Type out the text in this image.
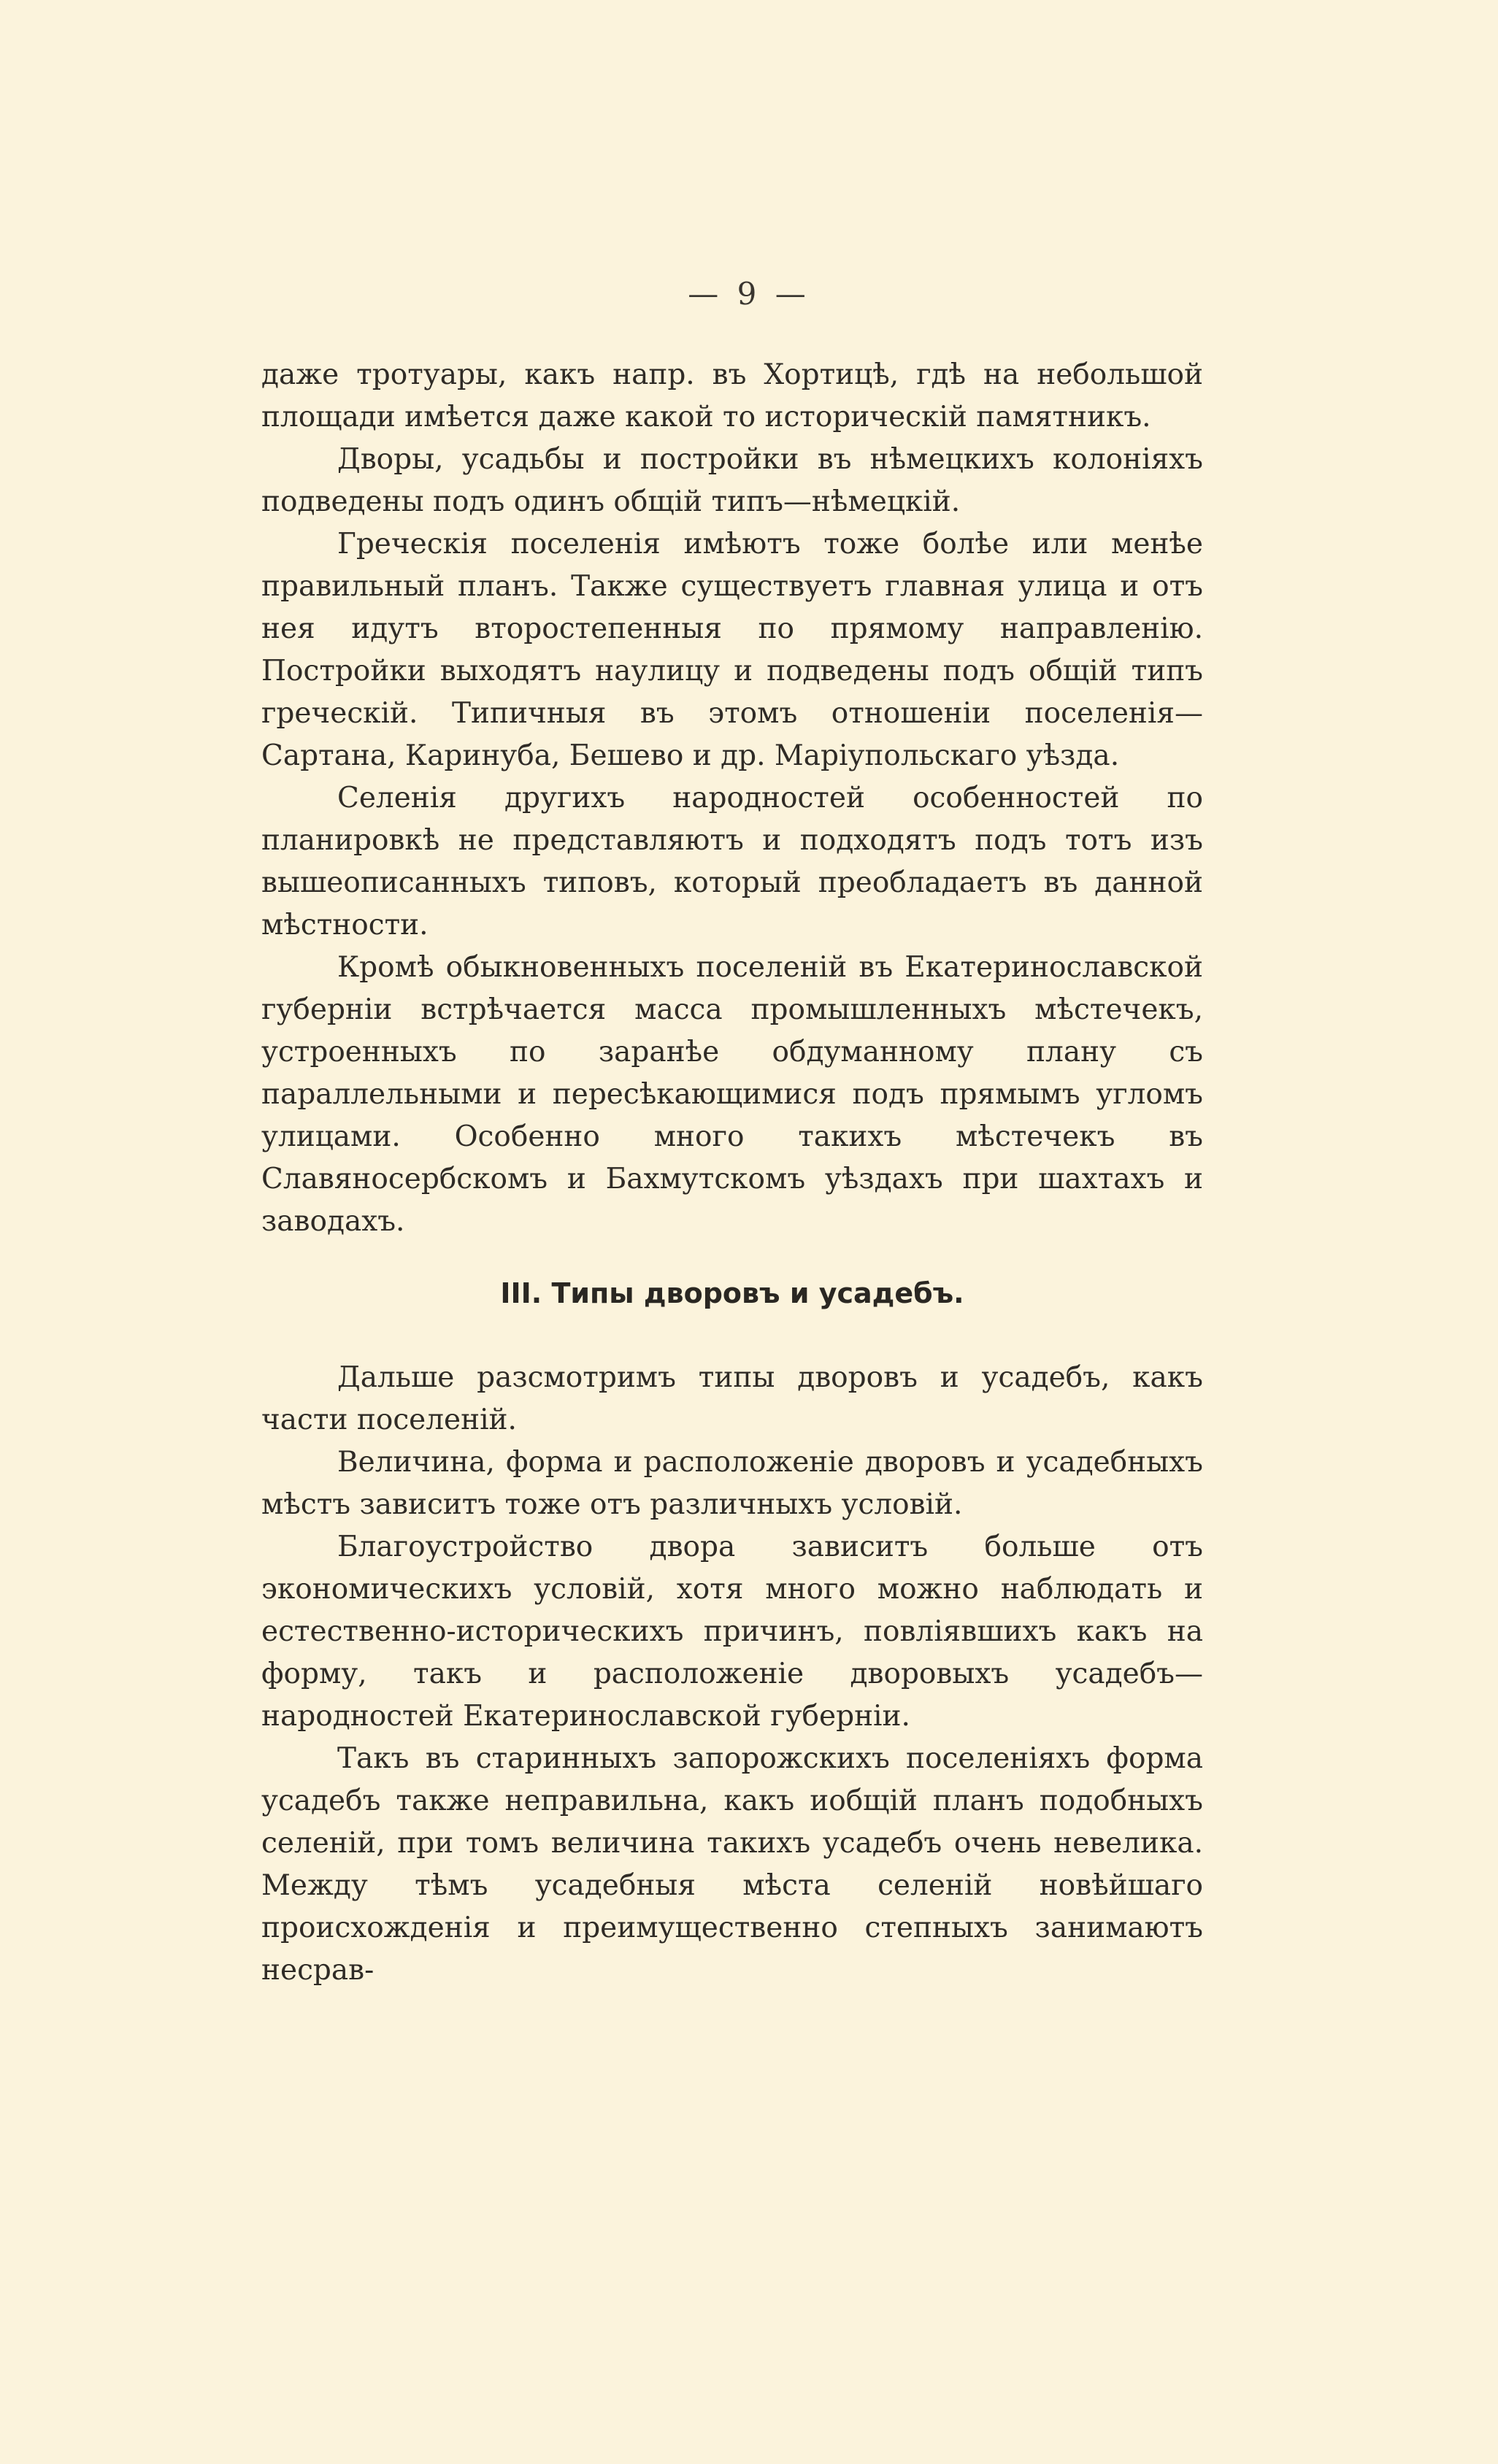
— 9 —

даже тротуары, какъ напр. въ Хортицѣ, гдѣ на небольшой площади имѣется даже какой то историческій памятникъ.

Дворы, усадьбы и постройки въ нѣмецкихъ колоніяхъ подведены подъ одинъ общій типъ—нѣмецкій.

Греческія поселенія имѣютъ тоже болѣе или менѣе правильный планъ. Также существуетъ главная улица и отъ нея идутъ второстепенныя по прямому направленію. Постройки выходятъ наулицу и подведены подъ общій типъ греческій. Типичныя въ этомъ отношеніи поселенія—Сартана, Каринуба, Бешево и др. Маріупольскаго уѣзда.

Селенія другихъ народностей особенностей по планировкѣ не представляютъ и подходятъ подъ тотъ изъ вышеописанныхъ типовъ, который преобладаетъ въ данной мѣстности.

Кромѣ обыкновенныхъ поселеній въ Екатеринославской губерніи встрѣчается масса промышленныхъ мѣстечекъ, устроенныхъ по заранѣе обдуманному плану съ параллельными и пересѣкающимися подъ прямымъ угломъ улицами. Особенно много такихъ мѣстечекъ въ Славяносербскомъ и Бахмутскомъ уѣздахъ при шахтахъ и заводахъ.

III. Типы дворовъ и усадебъ.

Дальше разсмотримъ типы дворовъ и усадебъ, какъ части поселеній.

Величина, форма и расположеніе дворовъ и усадебныхъ мѣстъ зависитъ тоже отъ различныхъ условій.

Благоустройство двора зависитъ больше отъ экономическихъ условій, хотя много можно наблюдать и естественно-историческихъ причинъ, повліявшихъ какъ на форму, такъ и расположеніе дворовыхъ усадебъ—народностей Екатеринославской губерніи.

Такъ въ старинныхъ запорожскихъ поселеніяхъ форма усадебъ также неправильна, какъ иобщій планъ подобныхъ селеній, при томъ величина такихъ усадебъ очень невелика. Между тѣмъ усадебныя мѣста селеній новѣйшаго происхожденія и преимущественно степныхъ занимаютъ несрав-
